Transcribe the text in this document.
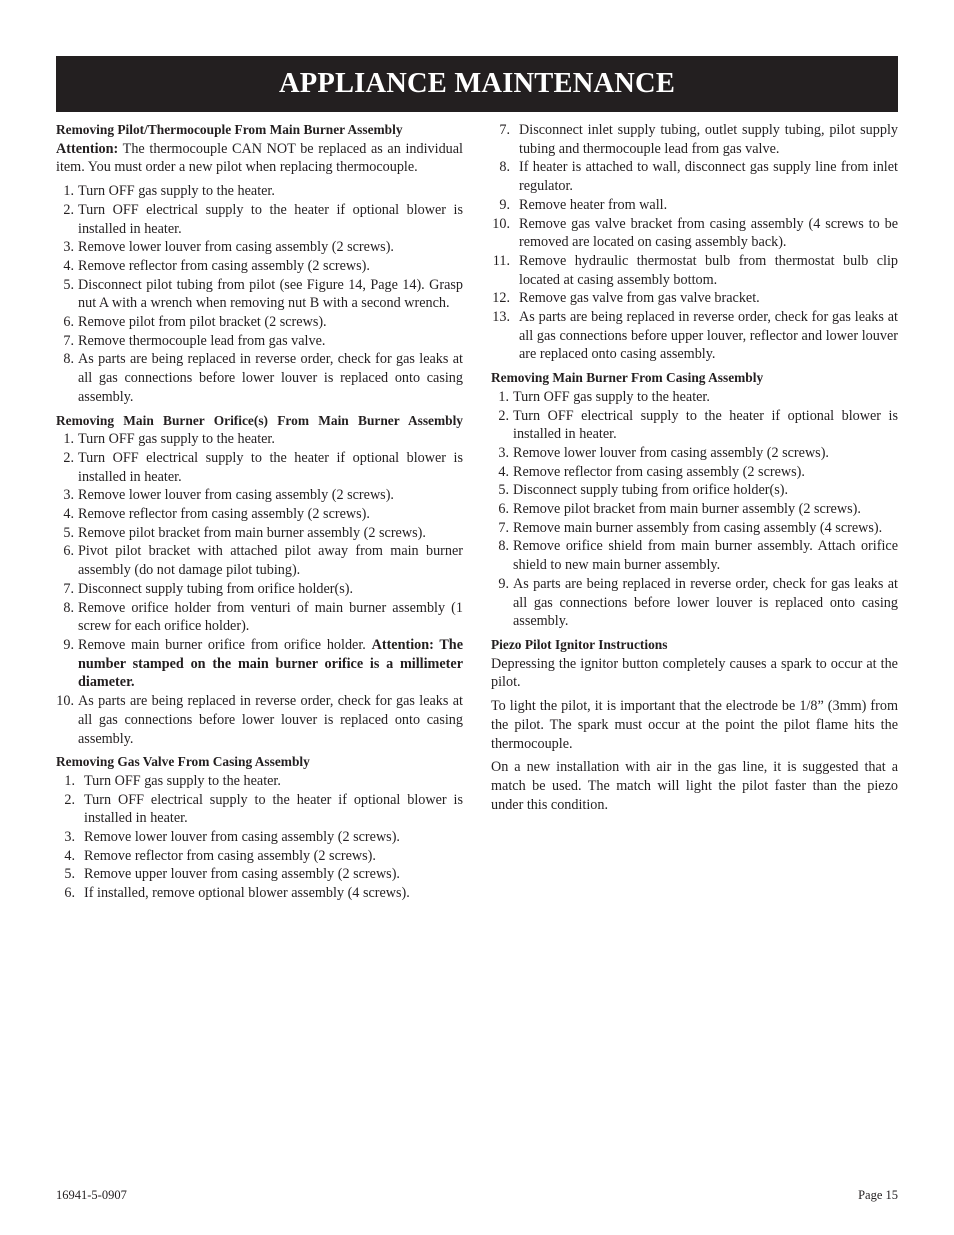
APPLIANCE MAINTENANCE
Removing Pilot/Thermocouple From Main Burner Assembly
Attention: The thermocouple CAN NOT be replaced as an individual item. You must order a new pilot when replacing thermocouple.
1. Turn OFF gas supply to the heater.
2. Turn OFF electrical supply to the heater if optional blower is installed in heater.
3. Remove lower louver from casing assembly (2 screws).
4. Remove reflector from casing assembly (2 screws).
5. Disconnect pilot tubing from pilot (see Figure 14, Page 14). Grasp nut A with a wrench when removing nut B with a second wrench.
6. Remove pilot from pilot bracket (2 screws).
7. Remove thermocouple lead from gas valve.
8. As parts are being replaced in reverse order, check for gas leaks at all gas connections before lower louver is replaced onto casing assembly.
Removing Main Burner Orifice(s) From Main Burner Assembly
1. Turn OFF gas supply to the heater.
2. Turn OFF electrical supply to the heater if optional blower is installed in heater.
3. Remove lower louver from casing assembly (2 screws).
4. Remove reflector from casing assembly (2 screws).
5. Remove pilot bracket from main burner assembly (2 screws).
6. Pivot pilot bracket with attached pilot away from main burner assembly (do not damage pilot tubing).
7. Disconnect supply tubing from orifice holder(s).
8. Remove orifice holder from venturi of main burner assembly (1 screw for each orifice holder).
9. Remove main burner orifice from orifice holder. Attention: The number stamped on the main burner orifice is a millimeter diameter.
10. As parts are being replaced in reverse order, check for gas leaks at all gas connections before lower louver is replaced onto casing assembly.
Removing Gas Valve From Casing Assembly
1. Turn OFF gas supply to the heater.
2. Turn OFF electrical supply to the heater if optional blower is installed in heater.
3. Remove lower louver from casing assembly (2 screws).
4. Remove reflector from casing assembly (2 screws).
5. Remove upper louver from casing assembly (2 screws).
6. If installed, remove optional blower assembly (4 screws).
7. Disconnect inlet supply tubing, outlet supply tubing, pilot supply tubing and thermocouple lead from gas valve.
8. If heater is attached to wall, disconnect gas supply line from inlet regulator.
9. Remove heater from wall.
10. Remove gas valve bracket from casing assembly (4 screws to be removed are located on casing assembly back).
11. Remove hydraulic thermostat bulb from thermostat bulb clip located at casing assembly bottom.
12. Remove gas valve from gas valve bracket.
13. As parts are being replaced in reverse order, check for gas leaks at all gas connections before upper louver, reflector and lower louver are replaced onto casing assembly.
Removing Main Burner From Casing Assembly
1. Turn OFF gas supply to the heater.
2. Turn OFF electrical supply to the heater if optional blower is installed in heater.
3. Remove lower louver from casing assembly (2 screws).
4. Remove reflector from casing assembly (2 screws).
5. Disconnect supply tubing from orifice holder(s).
6. Remove pilot bracket from main burner assembly (2 screws).
7. Remove main burner assembly from casing assembly (4 screws).
8. Remove orifice shield from main burner assembly. Attach orifice shield to new main burner assembly.
9. As parts are being replaced in reverse order, check for gas leaks at all gas connections before lower louver is replaced onto casing assembly.
Piezo Pilot Ignitor Instructions
Depressing the ignitor button completely causes a spark to occur at the pilot.
To light the pilot, it is important that the electrode be 1/8” (3mm) from the pilot. The spark must occur at the point the pilot flame hits the thermocouple.
On a new installation with air in the gas line, it is suggested that a match be used. The match will light the pilot faster than the piezo under this condition.
16941-5-0907	Page 15
